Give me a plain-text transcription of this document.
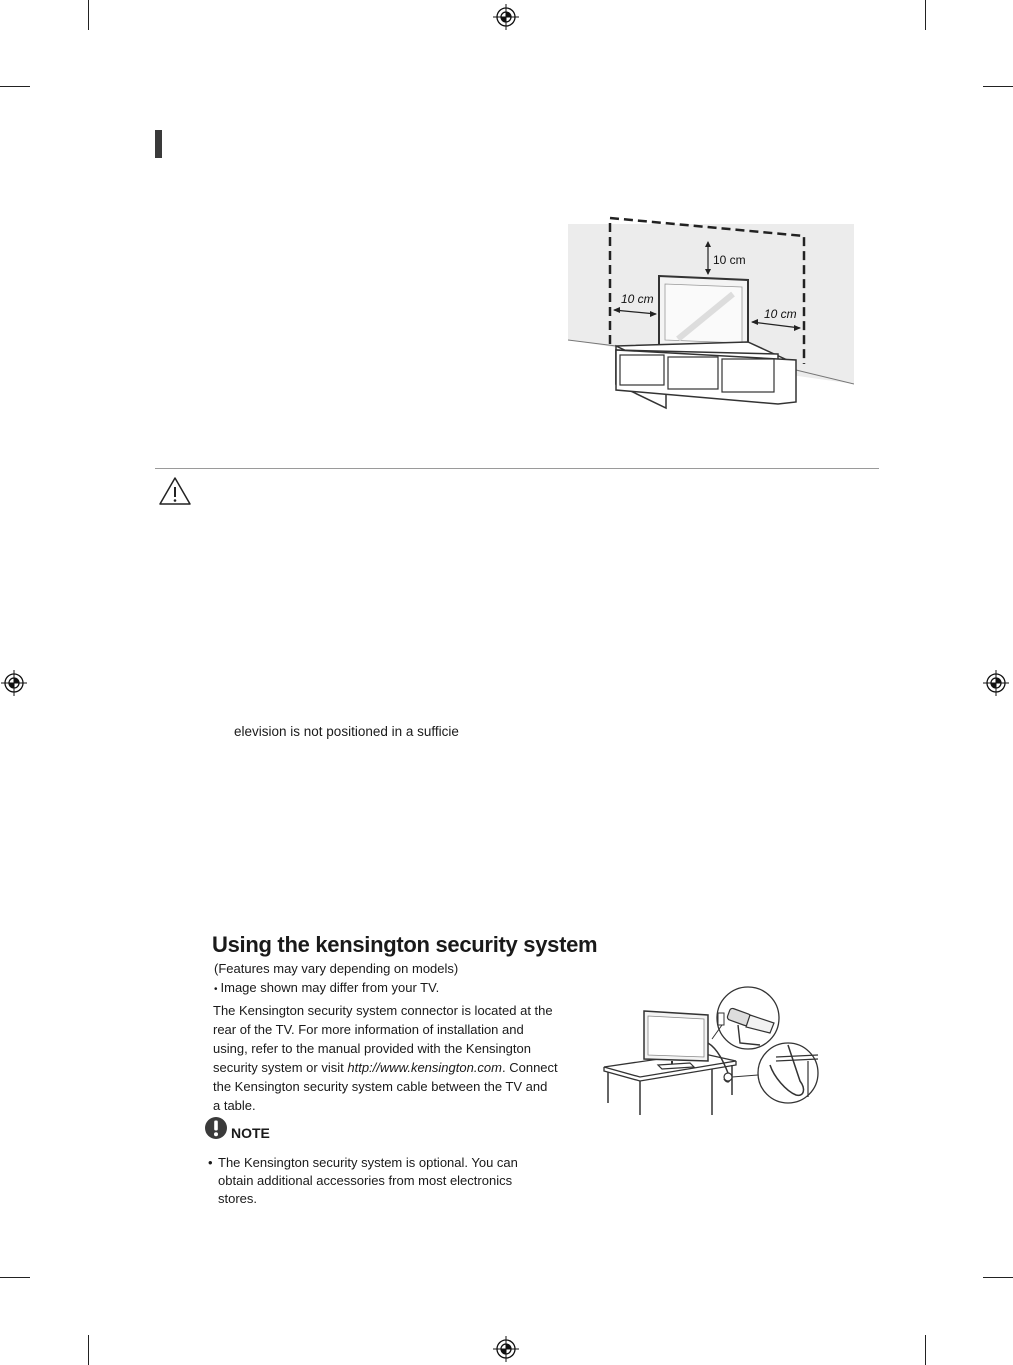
10 cm
10 cm
10 cm
elevision is not positioned in a sufficie
Using the kensington security system
(Features may vary depending on models)
• Image shown may differ from your TV.

The Kensington security system connector is located at the rear of the TV. For more information of installation and using, refer to the manual provided with the Kensington security system or visit http://www.kensington.com. Connect the Kensington security system cable between the TV and a table.

NOTE
• The Kensington security system is optional. You can obtain additional accessories from most electronics stores.
